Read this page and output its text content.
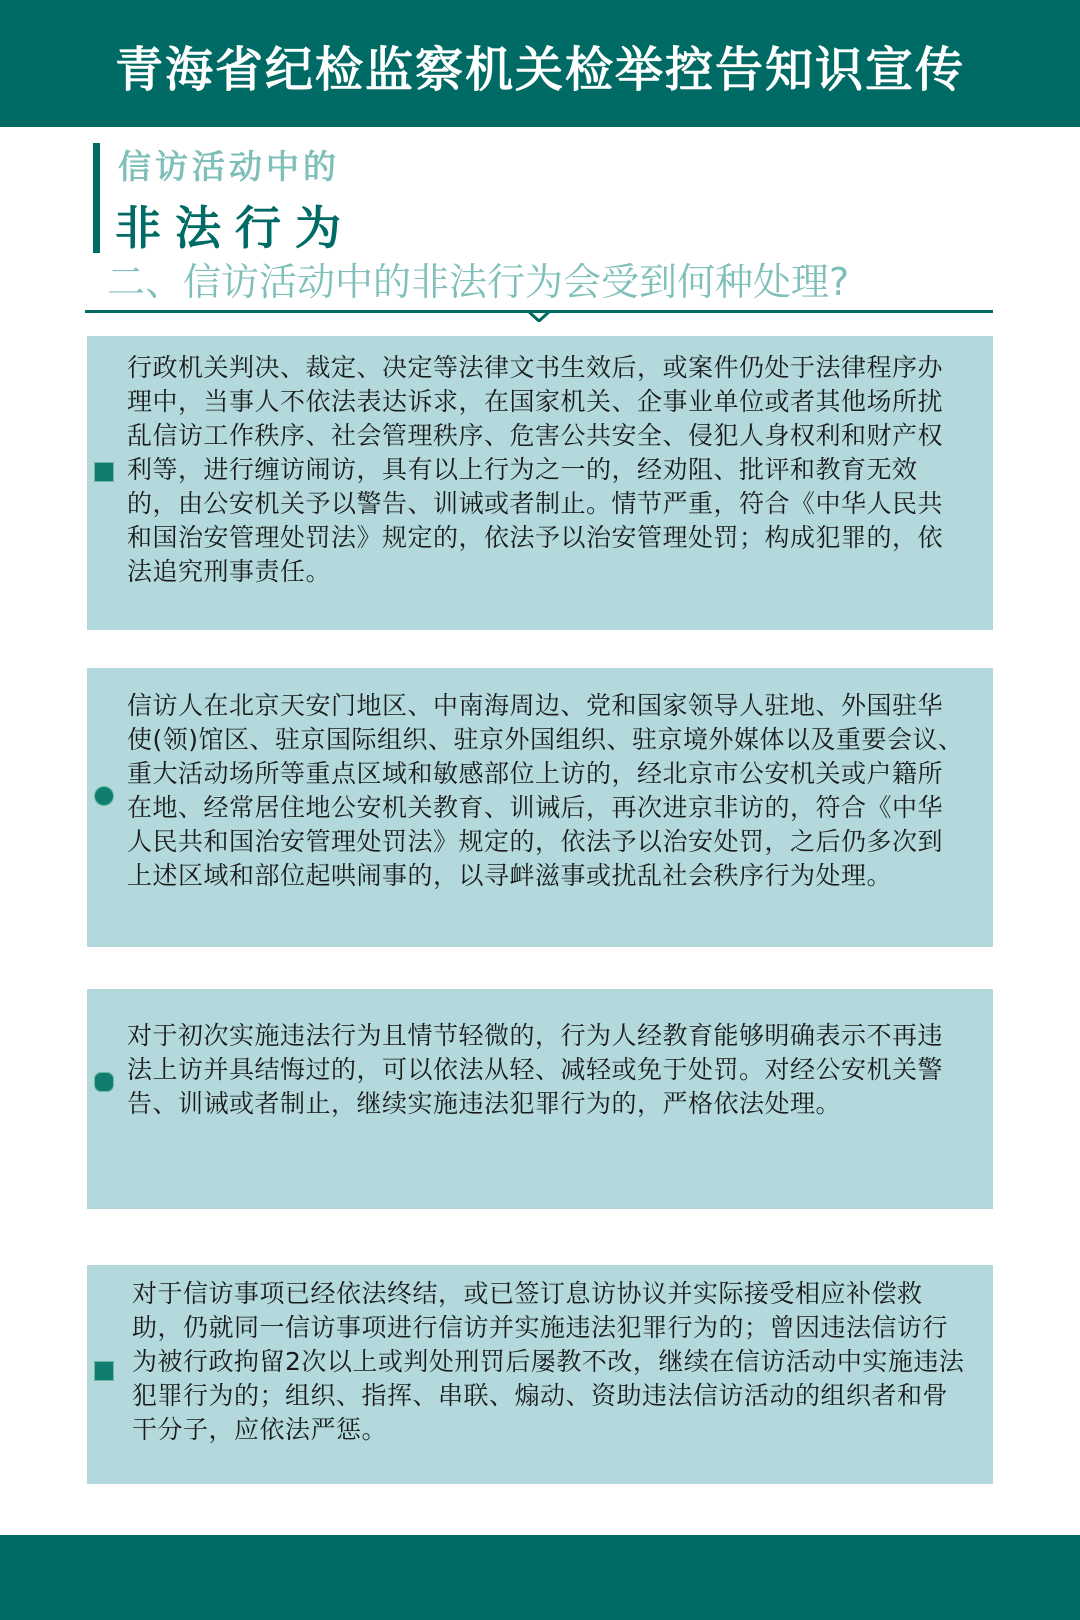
青海省纪检监察机关检举控告知识宣传
信访活动中的
非法行为
二、信访活动中的非法行为会受到何种处理?
行政机关判决、裁定、决定等法律文书生效后，或案件仍处于法律程序办理中，当事人不依法表达诉求，在国家机关、企事业单位或者其他场所扰乱信访工作秩序、社会管理秩序、危害公共安全、侵犯人身权利和财产权利等，进行缠访闹访，具有以上行为之一的，经劝阻、批评和教育无效的，由公安机关予以警告、训诫或者制止。情节严重，符合《中华人民共和国治安管理处罚法》规定的，依法予以治安管理处罚；构成犯罪的，依法追究刑事责任。
信访人在北京天安门地区、中南海周边、党和国家领导人驻地、外国驻华使(领)馆区、驻京国际组织、驻京外国组织、驻京境外媒体以及重要会议、重大活动场所等重点区域和敏感部位上访的，经北京市公安机关或户籍所在地、经常居住地公安机关教育、训诫后，再次进京非访的，符合《中华人民共和国治安管理处罚法》规定的，依法予以治安处罚，之后仍多次到上述区域和部位起哄闹事的，以寻衅滋事或扰乱社会秩序行为处理。
对于初次实施违法行为且情节轻微的，行为人经教育能够明确表示不再违法上访并具结悔过的，可以依法从轻、减轻或免于处罚。对经公安机关警告、训诫或者制止，继续实施违法犯罪行为的，严格依法处理。
对于信访事项已经依法终结，或已签订息访协议并实际接受相应补偿救助，仍就同一信访事项进行信访并实施违法犯罪行为的；曾因违法信访行为被行政拘留2次以上或判处刑罚后屡教不改，继续在信访活动中实施违法犯罪行为的；组织、指挥、串联、煽动、资助违法信访活动的组织者和骨干分子，应依法严惩。
